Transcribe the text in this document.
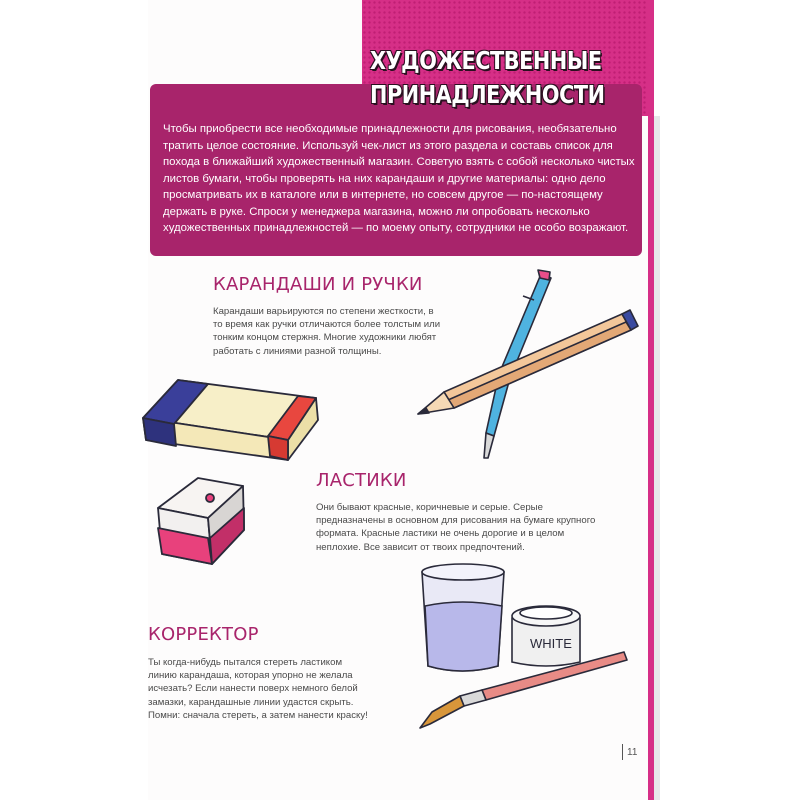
Чтобы приобрести все необходимые принадлежности для рисования, необязательно тратить целое состояние. Используй чек-лист из этого раздела и составь список для похода в ближайший художественный магазин. Советую взять с собой несколько чистых листов бумаги, чтобы проверять на них карандаши и другие материалы: одно дело просматривать их в каталоге или в интернете, но совсем другое — по-настоящему держать в руке. Спроси у менеджера магазина, можно ли опробовать несколько художественных принадлежностей — по моему опыту, сотрудники не особо возражают.
ХУДОЖЕСТВЕННЫЕ
ПРИНАДЛЕЖНОСТИ
КАРАНДАШИ И РУЧКИ
Карандаши варьируются по степени жесткости, в то время как ручки отличаются более толстым или тонким концом стержня. Многие художники любят работать с линиями разной толщины.
ЛАСТИКИ
Они бывают красные, коричневые и серые. Серые предназначены в основном для рисования на бумаге крупного формата. Красные ластики не очень дорогие и в целом неплохие. Все зависит от твоих предпочтений.
КОРРЕКТОР
Ты когда-нибудь пытался стереть ластиком линию карандаша, которая упорно не желала исчезать? Если нанести поверх немного белой замазки, карандашные линии удастся скрыть. Помни: сначала стереть, а затем нанести краску!
WHITE
11
